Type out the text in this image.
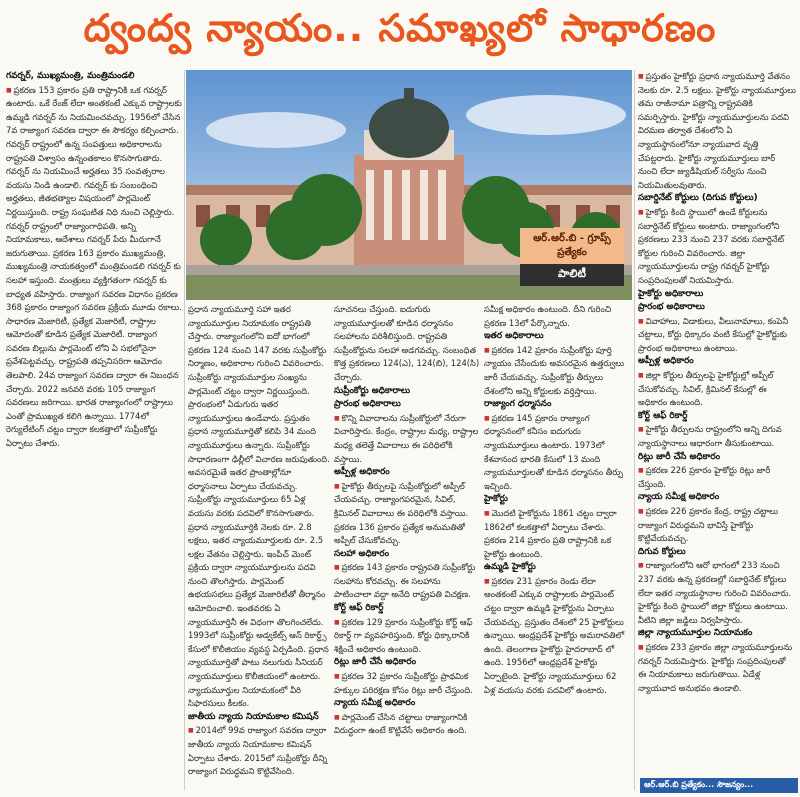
ద్వంద్వ న్యాయం.. సమాఖ్యలో సాధారణం
ఆర్.ఆర్.బి - గ్రూప్స్ ప్రత్యేకం
పాలిటీ

గవర్నర్, ముఖ్యమంత్రి, మంత్రిమండలి

■ ప్రకరణ 153 ప్రకారం ప్రతి రాష్ట్రానికి ఒక గవర్నర్ ఉంటారు. ఒకే రేంజ్ లేదా అంతకంటే ఎక్కువ రాష్ట్రాలకు ఉమ్మడి గవర్నర్ ను నియమించవచ్చు. 1956లో చేసిన 7వ రాజ్యాంగ సవరణ ద్వారా ఈ సౌకర్యం కల్పించారు. గవర్నర్ రాష్ట్రంలో ఉన్న సంపత్తులు అధికారాలను రాష్ట్రపతి విశ్వాసం ఉన్నంతకాలం కొనసాగుతారు. గవర్నర్ ను నియమించే అర్హతలు 35 సంవత్సరాల వయసు నిండి ఉండాలి. గవర్నర్ కు సంబంధించి అర్హతలు, జీతభత్యాల విషయంలో పార్లమెంట్ నిర్ణయిస్తుంది. రాష్ట్ర సంఘటిత నిధి నుంచి చెల్లిస్తారు. గవర్నర్ రాష్ట్రంలో రాజ్యాంగాధిపతి. అన్ని నియామకాలు, ఆదేశాలు గవర్నర్ పేరు మీదుగానే జరుగుతాయి. ప్రకరణ 163 ప్రకారం ముఖ్యమంత్రి, ముఖ్యమంత్రి నాయకత్వంలో మంత్రిమండలి గవర్నర్ కు సలహా ఇస్తుంది. మంత్రులు వ్యక్తిగతంగా గవర్నర్ కు బాధ్యత వహిస్తారు. రాజ్యాంగ సవరణ విధానం ప్రకరణ 368 ప్రకారం రాజ్యాంగ సవరణ ప్రక్రియ మూడు రకాలు. సాధారణ మెజారిటీ, ప్రత్యేక మెజారిటీ, రాష్ట్రాల ఆమోదంతో కూడిన ప్రత్యేక మెజారిటీ. రాజ్యాంగ సవరణ బిల్లును పార్లమెంట్ లోని ఏ సభలోనైనా ప్రవేశపెట్టవచ్చు. రాష్ట్రపతి తప్పనిసరిగా ఆమోదం తెలపాలి. 24వ రాజ్యాంగ సవరణ ద్వారా ఈ నిబంధన చేర్చారు. 2022 జనవరి వరకు 105 రాజ్యాంగ సవరణలు జరిగాయి. భారత రాజ్యాంగంలో రాష్ట్రాలు ఎంతో ప్రాముఖ్యత కలిగి ఉన్నాయి. 1774లో రెగ్యులేటింగ్ చట్టం ద్వారా కలకత్తాలో సుప్రీంకోర్టు ఏర్పాటు చేశారు.

ప్రధాన న్యాయమూర్తి సహా ఇతర న్యాయమూర్తుల నియామకం రాష్ట్రపతి చేస్తారు. రాజ్యాంగంలోని ఐదో భాగంలో ప్రకరణ 124 నుంచి 147 వరకు సుప్రీంకోర్టు నిర్మాణం, అధికారాల గురించి వివరించారు. సుప్రీంకోర్టు న్యాయమూర్తుల సంఖ్యను పార్లమెంట్ చట్టం ద్వారా నిర్ణయిస్తుంది. ప్రారంభంలో ఏడుగురు ఇతర న్యాయమూర్తులు ఉండేవారు. ప్రస్తుతం ప్రధాన న్యాయమూర్తితో కలిపి 34 మంది న్యాయమూర్తులు ఉన్నారు. సుప్రీంకోర్టు సాధారణంగా ఢిల్లీలో విచారణ జరుపుతుంది. అవసరమైతే ఇతర ప్రాంతాల్లోనూ ధర్మాసనాలు ఏర్పాటు చేయవచ్చు. సుప్రీంకోర్టు న్యాయమూర్తులు 65 ఏళ్ల వయసు వరకు పదవిలో కొనసాగుతారు. ప్రధాన న్యాయమూర్తికి నెలకు రూ. 2.8 లక్షలు, ఇతర న్యాయమూర్తులకు రూ. 2.5 లక్షల వేతనం చెల్లిస్తారు. ఇంపీచ్ మెంట్ ప్రక్రియ ద్వారా న్యాయమూర్తులను పదవి నుంచి తొలగిస్తారు. పార్లమెంట్ ఉభయసభలు ప్రత్యేక మెజారిటీతో తీర్మానం ఆమోదించాలి. ఇంతవరకు ఏ న్యాయమూర్తినీ ఈ విధంగా తొలగించలేదు. 1993లో సుప్రీంకోర్టు అడ్వకేట్స్ ఆన్ రికార్డ్స్ కేసులో కొలీజియం వ్యవస్థ ఏర్పడింది. ప్రధాన న్యాయమూర్తితో పాటు నలుగురు సీనియర్ న్యాయమూర్తులు కొలీజియంలో ఉంటారు. న్యాయమూర్తుల నియామకంలో వీరి సిఫారసులు కీలకం.

జాతీయ న్యాయ నియామకాల కమిషన్

■ 2014లో 99వ రాజ్యాంగ సవరణ ద్వారా జాతీయ న్యాయ నియామకాల కమిషన్ ఏర్పాటు చేశారు. 2015లో సుప్రీంకోర్టు దీన్ని రాజ్యాంగ విరుద్ధమని కొట్టివేసింది.

సూచనలు చేస్తుంది. ఐదుగురు న్యాయమూర్తులతో కూడిన ధర్మాసనం సలహాలను పరిశీలిస్తుంది. రాష్ట్రపతి సుప్రీంకోర్టును సలహా అడగవచ్చు. సంబంధిత కొత్త ప్రకరణలు 124(ఎ), 124(బి), 124(సి) చేర్చారు.

సుప్రీంకోర్టు అధికారాలు

ప్రారంభ అధికారాలు

■ కొన్ని వివాదాలను సుప్రీంకోర్టులో నేరుగా విచారిస్తారు. కేంద్రం, రాష్ట్రాల మధ్య, రాష్ట్రాల మధ్య తలెత్తే వివాదాలు ఈ పరిధిలోకి వస్తాయి.

అప్పీళ్ల అధికారం

■ హైకోర్టు తీర్పులపై సుప్రీంకోర్టులో అప్పీల్ చేయవచ్చు. రాజ్యాంగపరమైన, సివిల్, క్రిమినల్ వివాదాలు ఈ పరిధిలోకి వస్తాయి. ప్రకరణ 136 ప్రకారం ప్రత్యేక అనుమతితో అప్పీల్ చేసుకోవచ్చు.

సలహా అధికారం

■ ప్రకరణ 143 ప్రకారం రాష్ట్రపతి సుప్రీంకోర్టు సలహాను కోరవచ్చు. ఈ సలహాను పాటించాలా వద్దా అనేది రాష్ట్రపతి విచక్షణ.

కోర్ట్ ఆఫ్ రికార్డ్

■ ప్రకరణ 129 ప్రకారం సుప్రీంకోర్టు కోర్ట్ ఆఫ్ రికార్డ్ గా వ్యవహరిస్తుంది. కోర్టు ధిక్కారానికి శిక్షించే అధికారం ఉంటుంది.

రిట్లు జారీ చేసే అధికారం

■ ప్రకరణ 32 ప్రకారం సుప్రీంకోర్టు ప్రాథమిక హక్కుల పరిరక్షణ కోసం రిట్లు జారీ చేస్తుంది.

న్యాయ సమీక్ష అధికారం

■ పార్లమెంట్ చేసిన చట్టాలు రాజ్యాంగానికి విరుద్ధంగా ఉంటే కొట్టివేసే అధికారం ఉంది.

సమీక్ష అధికారం ఉంటుంది. దీని గురించి ప్రకరణ 13లో పేర్కొన్నారు.

ఇతర అధికారాలు

■ ప్రకరణ 142 ప్రకారం సుప్రీంకోర్టు పూర్తి న్యాయం చేసేందుకు అవసరమైన ఉత్తర్వులు జారీ చేయవచ్చు. సుప్రీంకోర్టు తీర్పులు దేశంలోని అన్ని కోర్టులకు వర్తిస్తాయి.

రాజ్యాంగ ధర్మాసనం

■ ప్రకరణ 145 ప్రకారం రాజ్యాంగ ధర్మాసనంలో కనీసం ఐదుగురు న్యాయమూర్తులు ఉంటారు. 1973లో కేశవానంద భారతి కేసులో 13 మంది న్యాయమూర్తులతో కూడిన ధర్మాసనం తీర్పు ఇచ్చింది.

హైకోర్టు

■ మొదటి హైకోర్టును 1861 చట్టం ద్వారా 1862లో కలకత్తాలో ఏర్పాటు చేశారు. ప్రకరణ 214 ప్రకారం ప్రతి రాష్ట్రానికి ఒక హైకోర్టు ఉంటుంది.

ఉమ్మడి హైకోర్టు

■ ప్రకరణ 231 ప్రకారం రెండు లేదా అంతకంటే ఎక్కువ రాష్ట్రాలకు పార్లమెంట్ చట్టం ద్వారా ఉమ్మడి హైకోర్టును ఏర్పాటు చేయవచ్చు. ప్రస్తుతం దేశంలో 25 హైకోర్టులు ఉన్నాయి. ఆంధ్రప్రదేశ్ హైకోర్టు అమరావతిలో ఉంది. తెలంగాణ హైకోర్టు హైదరాబాద్ లో ఉంది. 1956లో ఆంధ్రప్రదేశ్ హైకోర్టు ఏర్పాటైంది. హైకోర్టు న్యాయమూర్తులు 62 ఏళ్ల వయసు వరకు పదవిలో ఉంటారు.

■ ప్రస్తుతం హైకోర్టు ప్రధాన న్యాయమూర్తి వేతనం నెలకు రూ. 2.5 లక్షలు. హైకోర్టు న్యాయమూర్తులు తమ రాజీనామా పత్రాన్ని రాష్ట్రపతికి సమర్పిస్తారు. హైకోర్టు న్యాయమూర్తులను పదవి విరమణ తర్వాత దేశంలోని ఏ న్యాయస్థానంలోనూ న్యాయవాద వృత్తి చేపట్టరాదు. హైకోర్టు న్యాయమూర్తులు బార్ నుంచి లేదా జ్యుడీషియల్ సర్వీసు నుంచి నియమితులవుతారు.

సబార్డినేట్ కోర్టులు (దిగువ కోర్టులు)

■ హైకోర్టు కింది స్థాయిలో ఉండే కోర్టులను సబార్డినేట్ కోర్టులు అంటారు. రాజ్యాంగంలోని ప్రకరణలు 233 నుంచి 237 వరకు సబార్డినేట్ కోర్టుల గురించి వివరించారు. జిల్లా న్యాయమూర్తులను రాష్ట్ర గవర్నర్ హైకోర్టు సంప్రదింపులతో నియమిస్తారు.

హైకోర్టు అధికారాలు

ప్రారంభ అధికారాలు

■ వివాహాలు, విడాకులు, వీలునామాలు, కంపెనీ చట్టాలు, కోర్టు ధిక్కారం వంటి కేసుల్లో హైకోర్టుకు ప్రారంభ అధికారాలు ఉంటాయి.

అప్పీళ్ల అధికారం

■ జిల్లా కోర్టుల తీర్పులపై హైకోర్టుల్లో అప్పీల్ చేసుకోవచ్చు. సివిల్, క్రిమినల్ కేసుల్లో ఈ అధికారం ఉంటుంది.

కోర్ట్ ఆఫ్ రికార్డ్

■ హైకోర్టు తీర్పులను రాష్ట్రంలోని అన్ని దిగువ న్యాయస్థానాలు ఆధారంగా తీసుకుంటాయి.

రిట్లు జారీ చేసే అధికారం

■ ప్రకరణ 226 ప్రకారం హైకోర్టు రిట్లు జారీ చేస్తుంది.

న్యాయ సమీక్ష అధికారం

■ ప్రకరణ 226 ప్రకారం కేంద్ర, రాష్ట్ర చట్టాలు రాజ్యాంగ విరుద్ధమని భావిస్తే హైకోర్టు కొట్టివేయవచ్చు.

దిగువ కోర్టులు

■ రాజ్యాంగంలోని ఆరో భాగంలో 233 నుంచి 237 వరకు ఉన్న ప్రకరణల్లో సబార్డినేట్ కోర్టులు లేదా ఇతర న్యాయస్థానాల గురించి వివరించారు. హైకోర్టు కింది స్థాయిలో జిల్లా కోర్టులు ఉంటాయి. వీటిని జిల్లా జడ్జిలు నిర్వహిస్తారు.

జిల్లా న్యాయమూర్తుల నియామకం

■ ప్రకరణ 233 ప్రకారం జిల్లా న్యాయమూర్తులను గవర్నర్ నియమిస్తారు. హైకోర్టు సంప్రదింపులతో ఈ నియామకాలు జరుగుతాయి. ఏడేళ్ల న్యాయవాద అనుభవం ఉండాలి.

ఆర్.ఆర్.బి ప్రత్యేకం... సౌజన్యం...
